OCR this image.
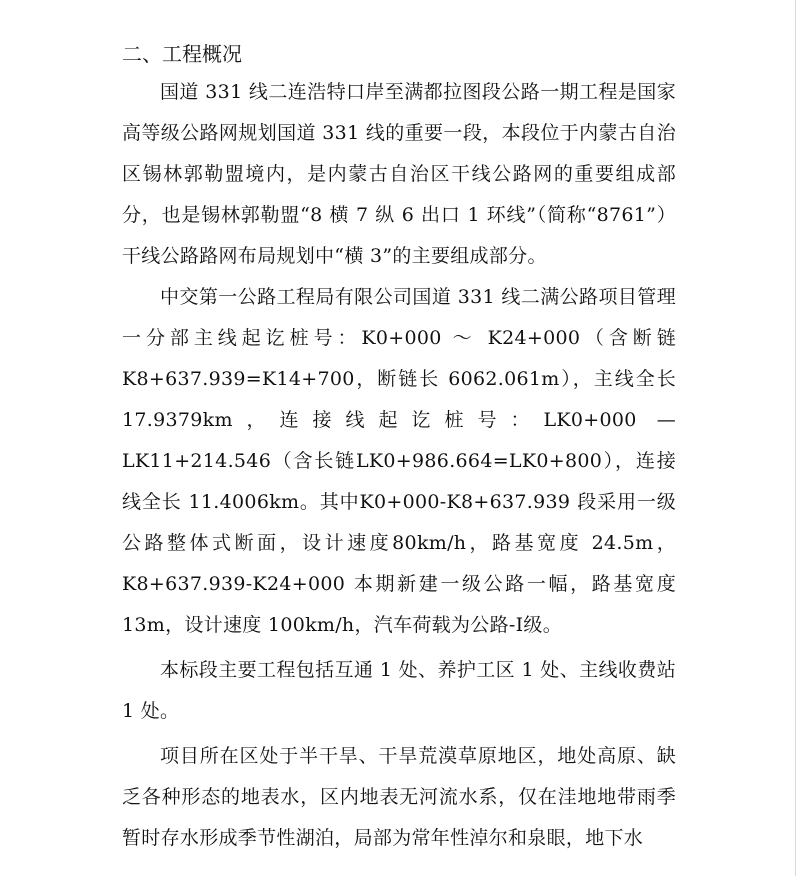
二、工程概况

国道 331 线二连浩特口岸至满都拉图段公路一期工程是国家高等级公路网规划国道 331 线的重要一段，本段位于内蒙古自治区锡林郭勒盟境内，是内蒙古自治区干线公路网的重要组成部分，也是锡林郭勒盟“8 横 7 纵 6 出口 1 环线”（简称“8761”）干线公路路网布局规划中“横 3”的主要组成部分。

中交第一公路工程局有限公司国道 331 线二满公路项目管理一分部主线起讫桩号：K0+000 ～ K24+000（含断链K8+637.939=K14+700，断链长 6062.061m），主线全长 17.9379km，连接线起讫桩号：LK0+000 — LK11+214.546（含长链LK0+986.664=LK0+800），连接线全长 11.4006km。其中K0+000-K8+637.939 段采用一级公路整体式断面，设计速度80km/h，路基宽度 24.5m，K8+637.939-K24+000 本期新建一级公路一幅，路基宽度 13m，设计速度 100km/h，汽车荷载为公路-I级。

本标段主要工程包括互通 1 处、养护工区 1 处、主线收费站 1 处。

项目所在区处于半干旱、干旱荒漠草原地区，地处高原、缺乏各种形态的地表水，区内地表无河流水系，仅在洼地地带雨季暂时存水形成季节性湖泊，局部为常年性淖尔和泉眼，地下水
